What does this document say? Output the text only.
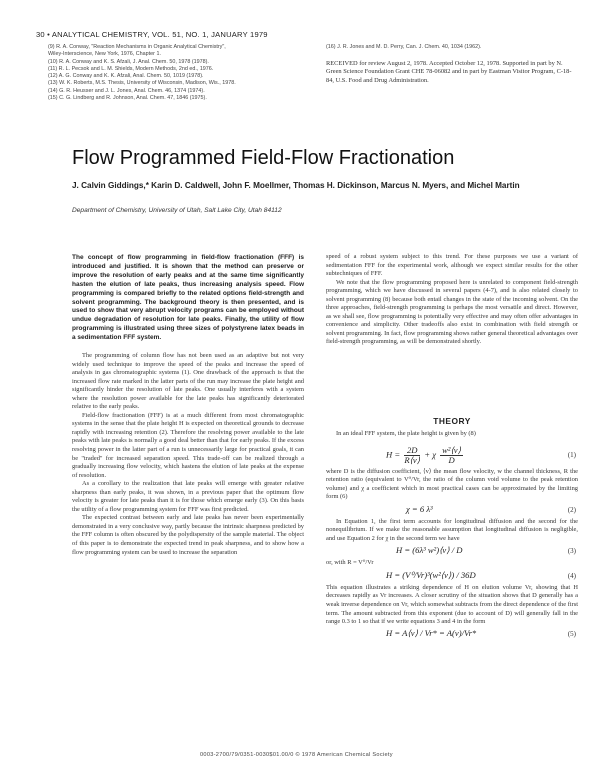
30 • ANALYTICAL CHEMISTRY, VOL. 51, NO. 1, JANUARY 1979
(9) R. A. Conway, "Reaction Mechanisms in Organic Analytical Chemistry",
Wiley-Interscience, New York, 1976, Chapter 1.
(10) R. A. Conway and K. S. Afzali, J. Anal. Chem. 50, 1978 (1978).
(11) R. L. Pecsok and L. M. Shields, Modern Methods, 2nd ed., 1976.
(12) A. G. Conway and K. K. Afzali, Anal. Chem. 50, 1019 (1978).
(13) W. K. Roberts, M.S. Thesis, University of Wisconsin, Madison, Wis., 1978.
(14) G. R. Heusser and J. L. Jones, Anal. Chem. 46, 1374 (1974).
(15) C. G. Lindberg and R. Johnson, Anal. Chem. 47, 1846 (1975).
(16) J. R. Jones and M. D. Perry, Can. J. Chem. 40, 1034 (1962).
RECEIVED for review August 2, 1978. Accepted October 12, 1978. Supported in part by N. Green Science Foundation Grant CHE 78-06082 and in part by Eastman Visitor Program, C-18-84, U.S. Food and Drug Administration.
Flow Programmed Field-Flow Fractionation
J. Calvin Giddings,* Karin D. Caldwell, John F. Moellmer, Thomas H. Dickinson, Marcus N. Myers, and Michel Martin
Department of Chemistry, University of Utah, Salt Lake City, Utah 84112
The concept of flow programming in field-flow fractionation (FFF) is introduced and justified. It is shown that the method can preserve or improve the resolution of early peaks and at the same time significantly hasten the elution of late peaks, thus increasing analysis speed. Flow programming is compared briefly to the related options field-strength and solvent programming. The background theory is then presented, and is used to show that very abrupt velocity programs can be employed without undue degradation of resolution for late peaks. Finally, the utility of flow programming is illustrated using three sizes of polystyrene latex beads in a sedimentation FFF system.

The programming of column flow has not been used as an adaptive but not very widely used technique to improve the speed of the peaks and increase the speed of analysis in gas chromatographic systems (1). One drawback of the approach is that the increased flow rate marked in the latter parts of the run may increase the plate height and significantly hinder the resolution of late peaks. One usually interferes with a system where the resolution power available for the late peaks has significantly deteriorated relative to the early peaks.

Field-flow fractionation (FFF) is at a much different from most chromatographic systems in the sense that the plate height H is expected on theoretical grounds to decrease rapidly with increasing retention (2). Therefore the resolving power available to the late peaks with late peaks is normally a good deal better than that for early peaks. If the excess resolving power in the latter part of a run is unnecessarily large for practical goals, it can be "traded" for increased separation speed. This trade-off can be realized through a gradually increasing flow velocity, which hastens the elution of late peaks at the expense of resolution.

As a corollary to the realization that late peaks will emerge with greater relative sharpness than early peaks, it was shown, in a previous paper that the optimum flow velocity is greater for late peaks than it is for those which emerge early (3). On this basis the utility of a flow programming system for FFF was first predicted.

The expected contrast between early and late peaks has never been experimentally demonstrated in a very conclusive way, partly because the intrinsic sharpness predicted by the FFF column is often obscured by the polydispersity of the sample material. The object of this paper is to demonstrate the expected trend in peak sharpness, and to show how a flow programming system can be used to increase the separation

speed of a robust system subject to this trend. For these purposes we use a variant of sedimentation FFF for the experimental work, although we expect similar results for the other subtechniques of FFF.

We note that the flow programming proposed here is unrelated to component field-strength programming, which we have discussed in several papers (4-7), and is also related closely to solvent programming (8) because both entail changes in the state of the incoming solvent. On the three approaches, field-strength programming is perhaps the most versatile and direct. However, as we shall see, flow programming is potentially very effective and may often offer advantages in convenience and simplicity. Other tradeoffs also exist in combination with field strength or solvent programming. In fact, flow programming shows rather general theoretical advantages over field-strength programming, as will be demonstrated shortly.

THEORY

In an ideal FFF system, the plate height is given by (8)

$H = \frac{2D}{R⟨v⟩} + \chi \frac{\text{w²⟨v⟩}}{D}$	(1)

where D is the diffusion coefficient, ⟨v⟩ the mean flow velocity, w the channel thickness, R the retention ratio (equivalent to V⁰/Vr, the ratio of the column void volume to the peak retention volume) and χ a coefficient which in most practical cases can be approximated by the limiting form (6)

χ = 6 λ³	(2)

In Equation 1, the first term accounts for longitudinal diffusion and the second for the nonequilibrium. If we make the reasonable assumption that longitudinal diffusion is negligible, and use Equation 2 for χ in the second term we have

H = (6λ³ w²)⟨v⟩ / D	(3)

or, with R = V⁰/Vr

H = (V⁰/Vr)³(w²⟨v⟩) / 36D	(4)

This equation illustrates a striking dependence of H on elution volume Vr, showing that H decreases rapidly as Vr increases. A closer scrutiny of the situation shows that D generally has a weak inverse dependence on Vr, which somewhat subtracts from the direct dependence of the first term. The amount subtracted from this exponent (due to account of D) will generally fall in the range 0.3 to 1 so that if we write equations 3 and 4 in the form

H = A⟨v⟩ / Vr* = A(v)/Vr*	(5)
0003-2700/79/0351-0030$01.00/0 © 1978 American Chemical Society
